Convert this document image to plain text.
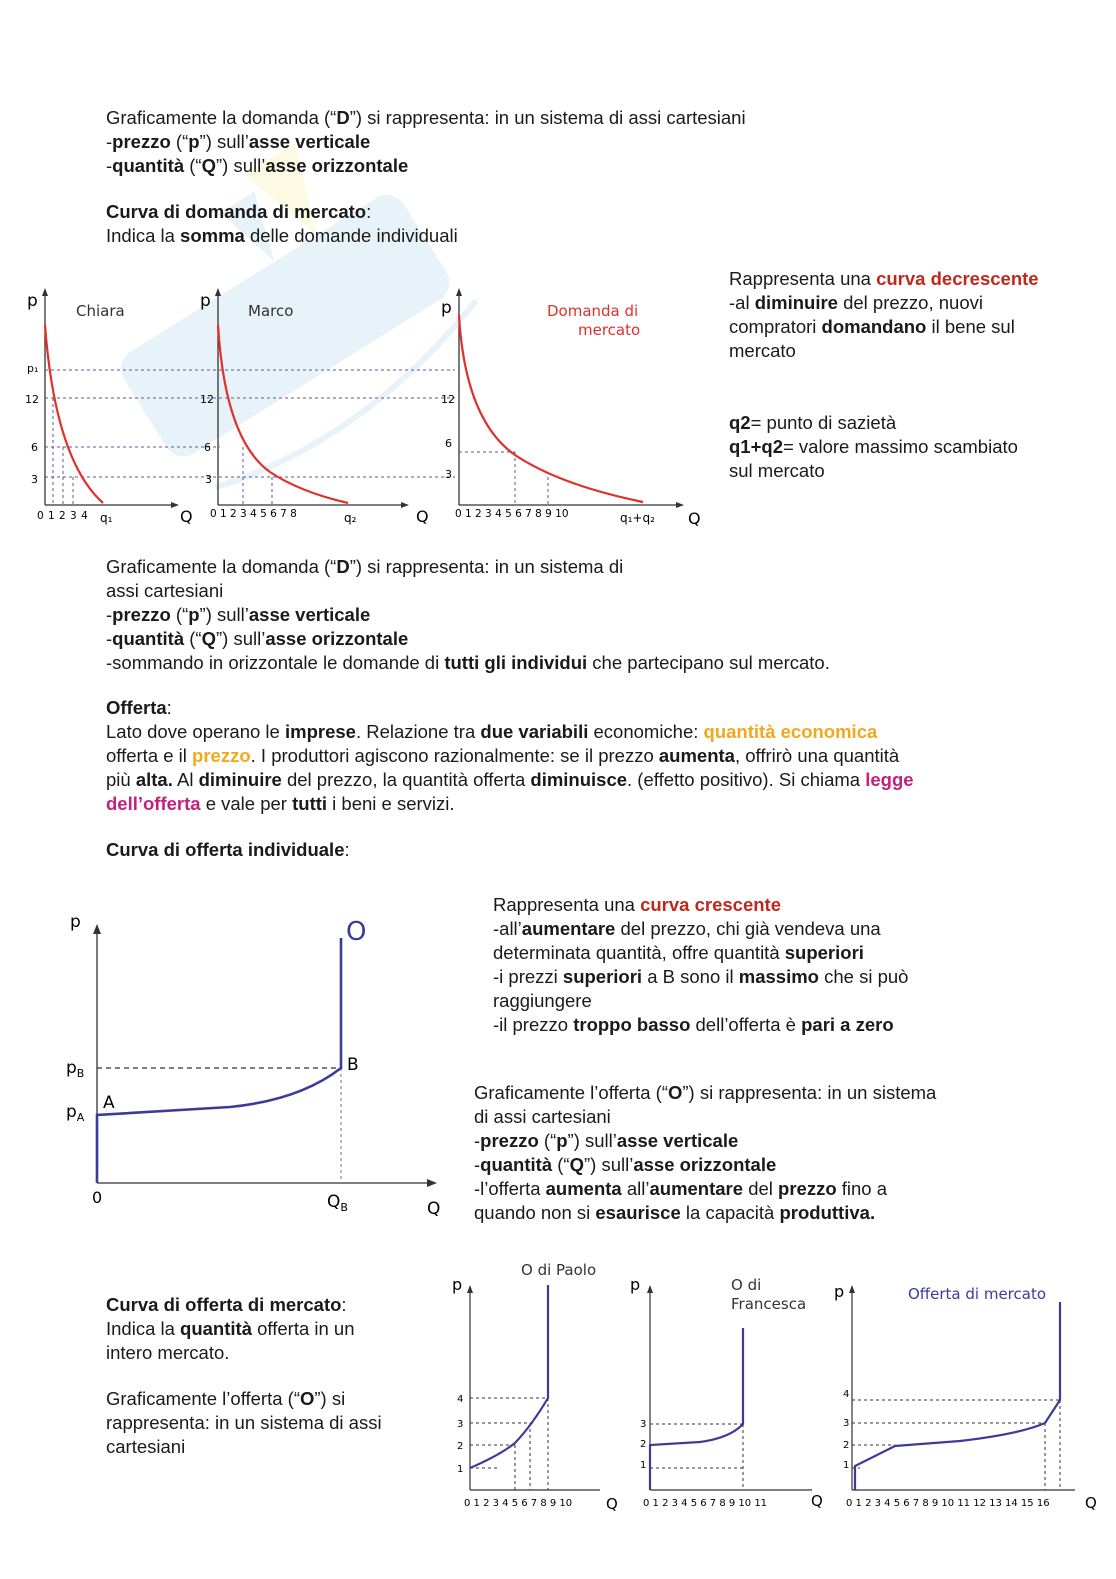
Graficamente la domanda (“D”) si rappresenta: in un sistema di assi cartesiani

-prezzo (“p”) sull’asse verticale

-quantità (“Q”) sull’asse orizzontale

Curva di domanda di mercato:

Indica la somma delle domande individuali

Rappresenta una curva decrescente

-al diminuire del prezzo, nuovi

compratori domandano il bene sul

mercato

q2= punto di sazietà

q1+q2= valore massimo scambiato

sul mercato

p	Chiara
p₁
12
6
3
0 1 2 3 4 q₁	Q
p Marco
12
6
3
0 1 2 3 4 5 6 7 8	q₂	Q
p	Domanda di
mercato
12
6
3
0 1 2 3 4 5 6 7 8 9 10	q₁+q₂ Q

Graficamente la domanda (“D”) si rappresenta: in un sistema di

assi cartesiani

-prezzo (“p”) sull’asse verticale

-quantità (“Q”) sull’asse orizzontale

-sommando in orizzontale le domande di tutti gli individui che partecipano sul mercato.

Offerta:

Lato dove operano le imprese. Relazione tra due variabili economiche: quantità economica

offerta e il prezzo. I produttori agiscono razionalmente: se il prezzo aumenta, offrirò una quantità

più alta. Al diminuire del prezzo, la quantità offerta diminuisce. (effetto positivo). Si chiama legge

dell’offerta e vale per tutti i beni e servizi.

Curva di offerta individuale:

p	O
$p_B$
$p_A$
A
B
0	$Q_B$	Q

Rappresenta una curva crescente

-all’aumentare del prezzo, chi già vendeva una

determinata quantità, offre quantità superiori

-i prezzi superiori a B sono il massimo che si può

raggiungere

-il prezzo troppo basso dell’offerta è pari a zero

Graficamente l’offerta (“O”) si rappresenta: in un sistema

di assi cartesiani

-prezzo (“p”) sull’asse verticale

-quantità (“Q”) sull’asse orizzontale

-l’offerta aumenta all’aumentare del prezzo fino a

quando non si esaurisce la capacità produttiva.

Curva di offerta di mercato:

Indica la quantità offerta in un

intero mercato.

Graficamente l’offerta (“O”) si

rappresenta: in un sistema di assi

cartesiani

p
O di Paolo
4
3
2
1
0 1 2 3 4 5 6 7 8 9 10 Q
p	O di
Francesca
3
2
1
0 1 2 3 4 5 6 7 8 9 10 11	Q
p	Offerta di mercato
4
3
2
1
0 1 2 3 4 5 6 7 8 9 10 11 12 13 14 15 16 Q
